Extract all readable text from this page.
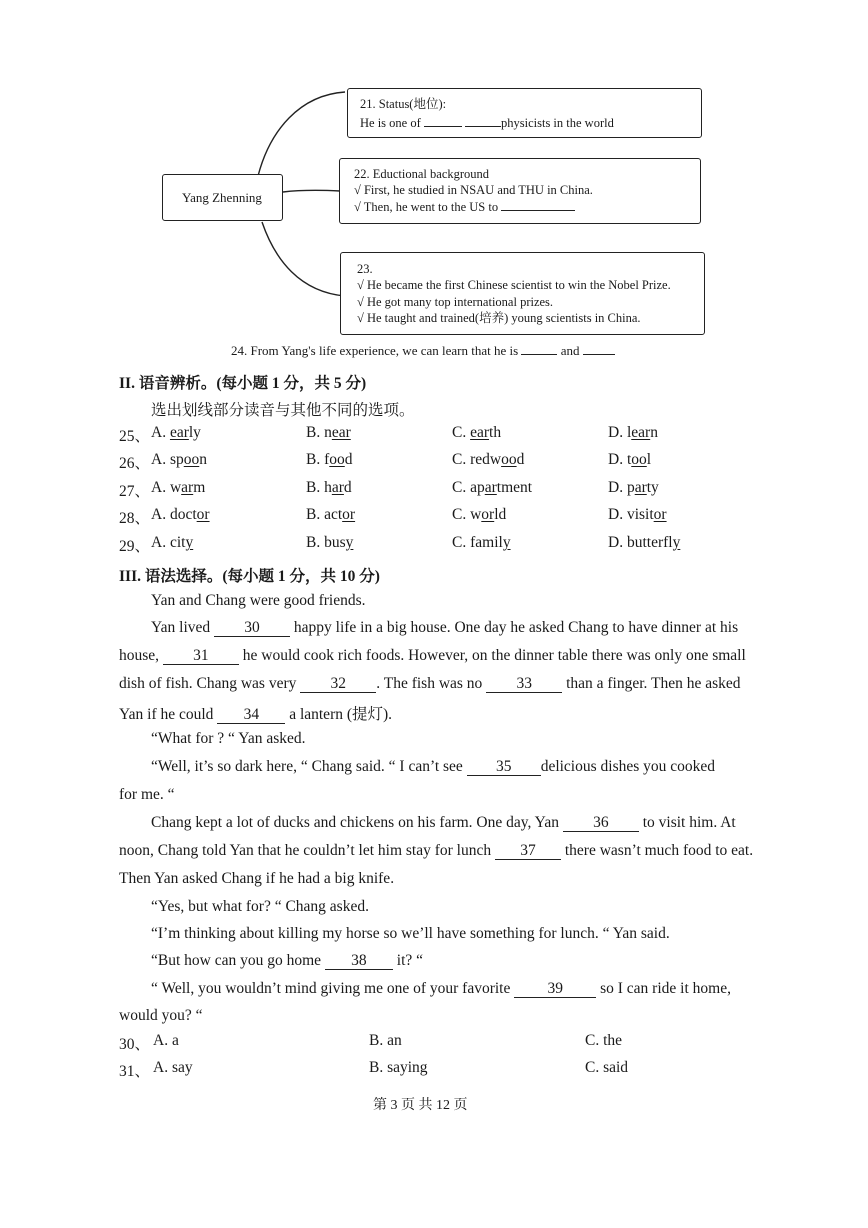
Yang Zhenning
21. Status(地位):
He is one of	physicists in the world
22. Eductional background
√ First, he studied in NSAU and THU in China.
√ Then, he went to the US to
23.
√ He became the first Chinese scientist to win the Nobel Prize.
√ He got many top international prizes.
√ He taught and trained(培养) young scientists in China.
24. From Yang's life experience, we can learn that he is	and
II. 语音辨析。(每小题 1 分，共 5 分)
选出划线部分读音与其他不同的选项。
25、 A. early	B. near	C. earth	D. learn
26、 A. spoon	B. food	C. redwood	D. tool
27、 A. warm	B. hard	C. apartment	D. party
28、 A. doctor	B. actor	C. world	D. visitor
29、 A. city	B. busy	C. family	D. butterfly
III. 语法选择。(每小题 1 分，共 10 分)
Yan and Chang were good friends.
Yan lived 30 happy life in a big house. One day he asked Chang to have dinner at his
house, 31 he would cook rich foods. However, on the dinner table there was only one small
dish of fish. Chang was very 32 . The fish was no 33 than a finger. Then he asked
Yan if he could 34 a lantern (提灯).
“What for ? “ Yan asked.
“Well, it’s so dark here, “ Chang said. “ I can’t see 35 delicious dishes you cooked
for me. “
Chang kept a lot of ducks and chickens on his farm. One day, Yan 36 to visit him. At
noon, Chang told Yan that he couldn’t let him stay for lunch 37 there wasn’t much food to eat.
Then Yan asked Chang if he had a big knife.
“Yes, but what for? “ Chang asked.
“I’m thinking about killing my horse so we’ll have something for lunch. “ Yan said.
“But how can you go home 38 it? “
“ Well, you wouldn’t mind giving me one of your favorite 39 so I can ride it home,
would you? “
30、 A. a	B. an	C. the
31、 A. say	B. saying	C. said
第 3 页 共 12 页
